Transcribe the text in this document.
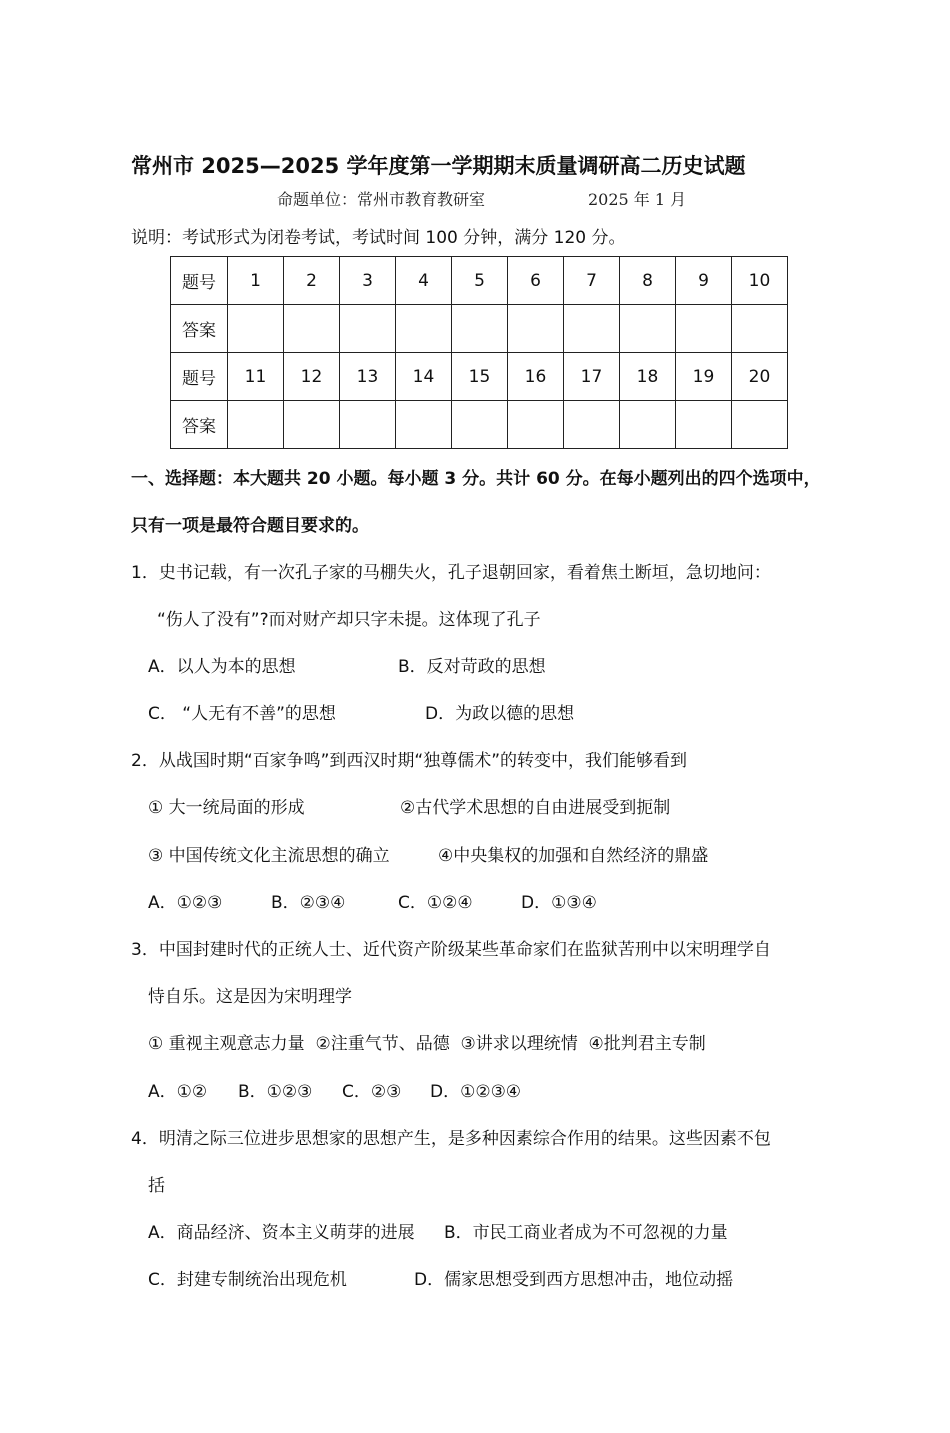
常州市 2025—2025 学年度第一学期期末质量调研高二历史试题
命题单位：常州市教育教研室	2025 年 1 月
说明：考试形式为闭卷考试，考试时间 100 分钟，满分 120 分。
题号	1	2	3	4	5	6	7	8	9	10
答案										
题号	11	12	13	14	15	16	17	18	19	20
答案										
一、选择题：本大题共 20 小题。每小题 3 分。共计 60 分。在每小题列出的四个选项中，
只有一项是最符合题目要求的。
1．史书记载，有一次孔子家的马棚失火，孔子退朝回家，看着焦土断垣，急切地问：
“伤人了没有”?而对财产却只字未提。这体现了孔子
A．以人为本的思想	B．反对苛政的思想
C． “人无有不善”的思想	D．为政以德的思想
2．从战国时期“百家争鸣”到西汉时期“独尊儒术”的转变中，我们能够看到
① 大一统局面的形成	②古代学术思想的自由进展受到扼制
③ 中国传统文化主流思想的确立	④中央集权的加强和自然经济的鼎盛
A．①②③	B．②③④	C．①②④	D．①③④
3．中国封建时代的正统人士、近代资产阶级某些革命家们在监狱苦刑中以宋明理学自
恃自乐。这是因为宋明理学
① 重视主观意志力量  ②注重气节、品德  ③讲求以理统情  ④批判君主专制
A．①② B．①②③ C．②③ D．①②③④
4．明清之际三位进步思想家的思想产生，是多种因素综合作用的结果。这些因素不包
括
A．商品经济、资本主义萌芽的进展 B．市民工商业者成为不可忽视的力量
C．封建专制统治出现危机	D．儒家思想受到西方思想冲击，地位动摇
